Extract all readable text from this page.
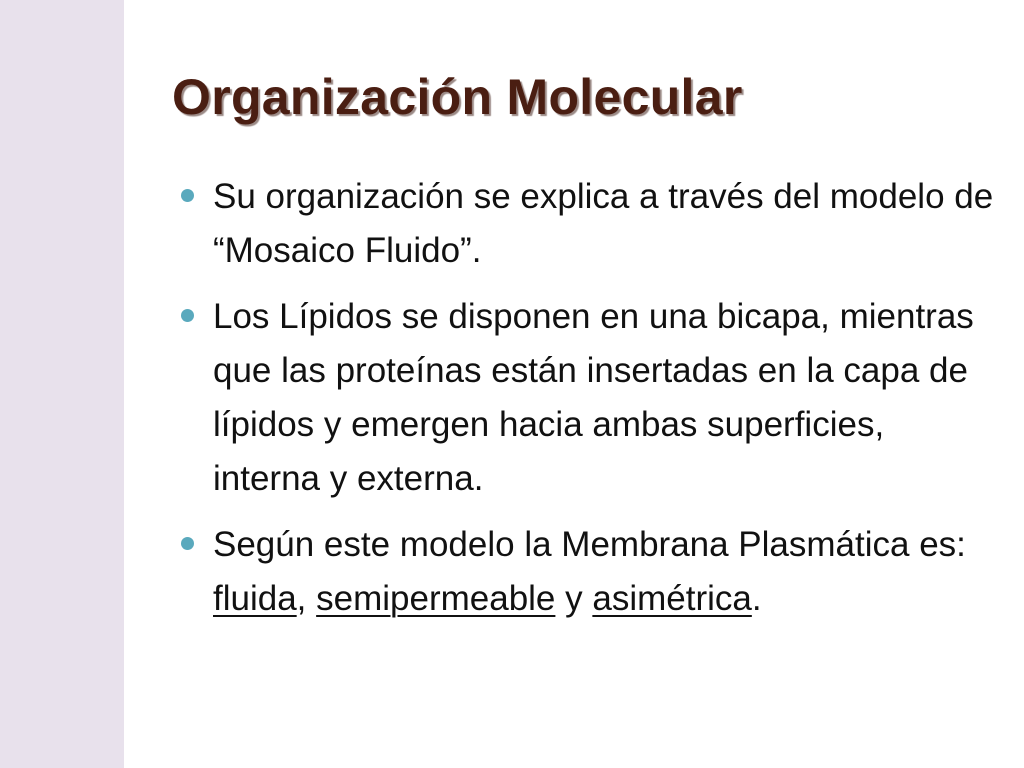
Organización Molecular
Su organización se explica a través del modelo de “Mosaico Fluido”.
Los Lípidos se disponen en una bicapa, mientras que las proteínas están insertadas en la capa de lípidos y emergen hacia ambas superficies, interna y externa.
Según este modelo la Membrana Plasmática es: fluida, semipermeable y asimétrica.
